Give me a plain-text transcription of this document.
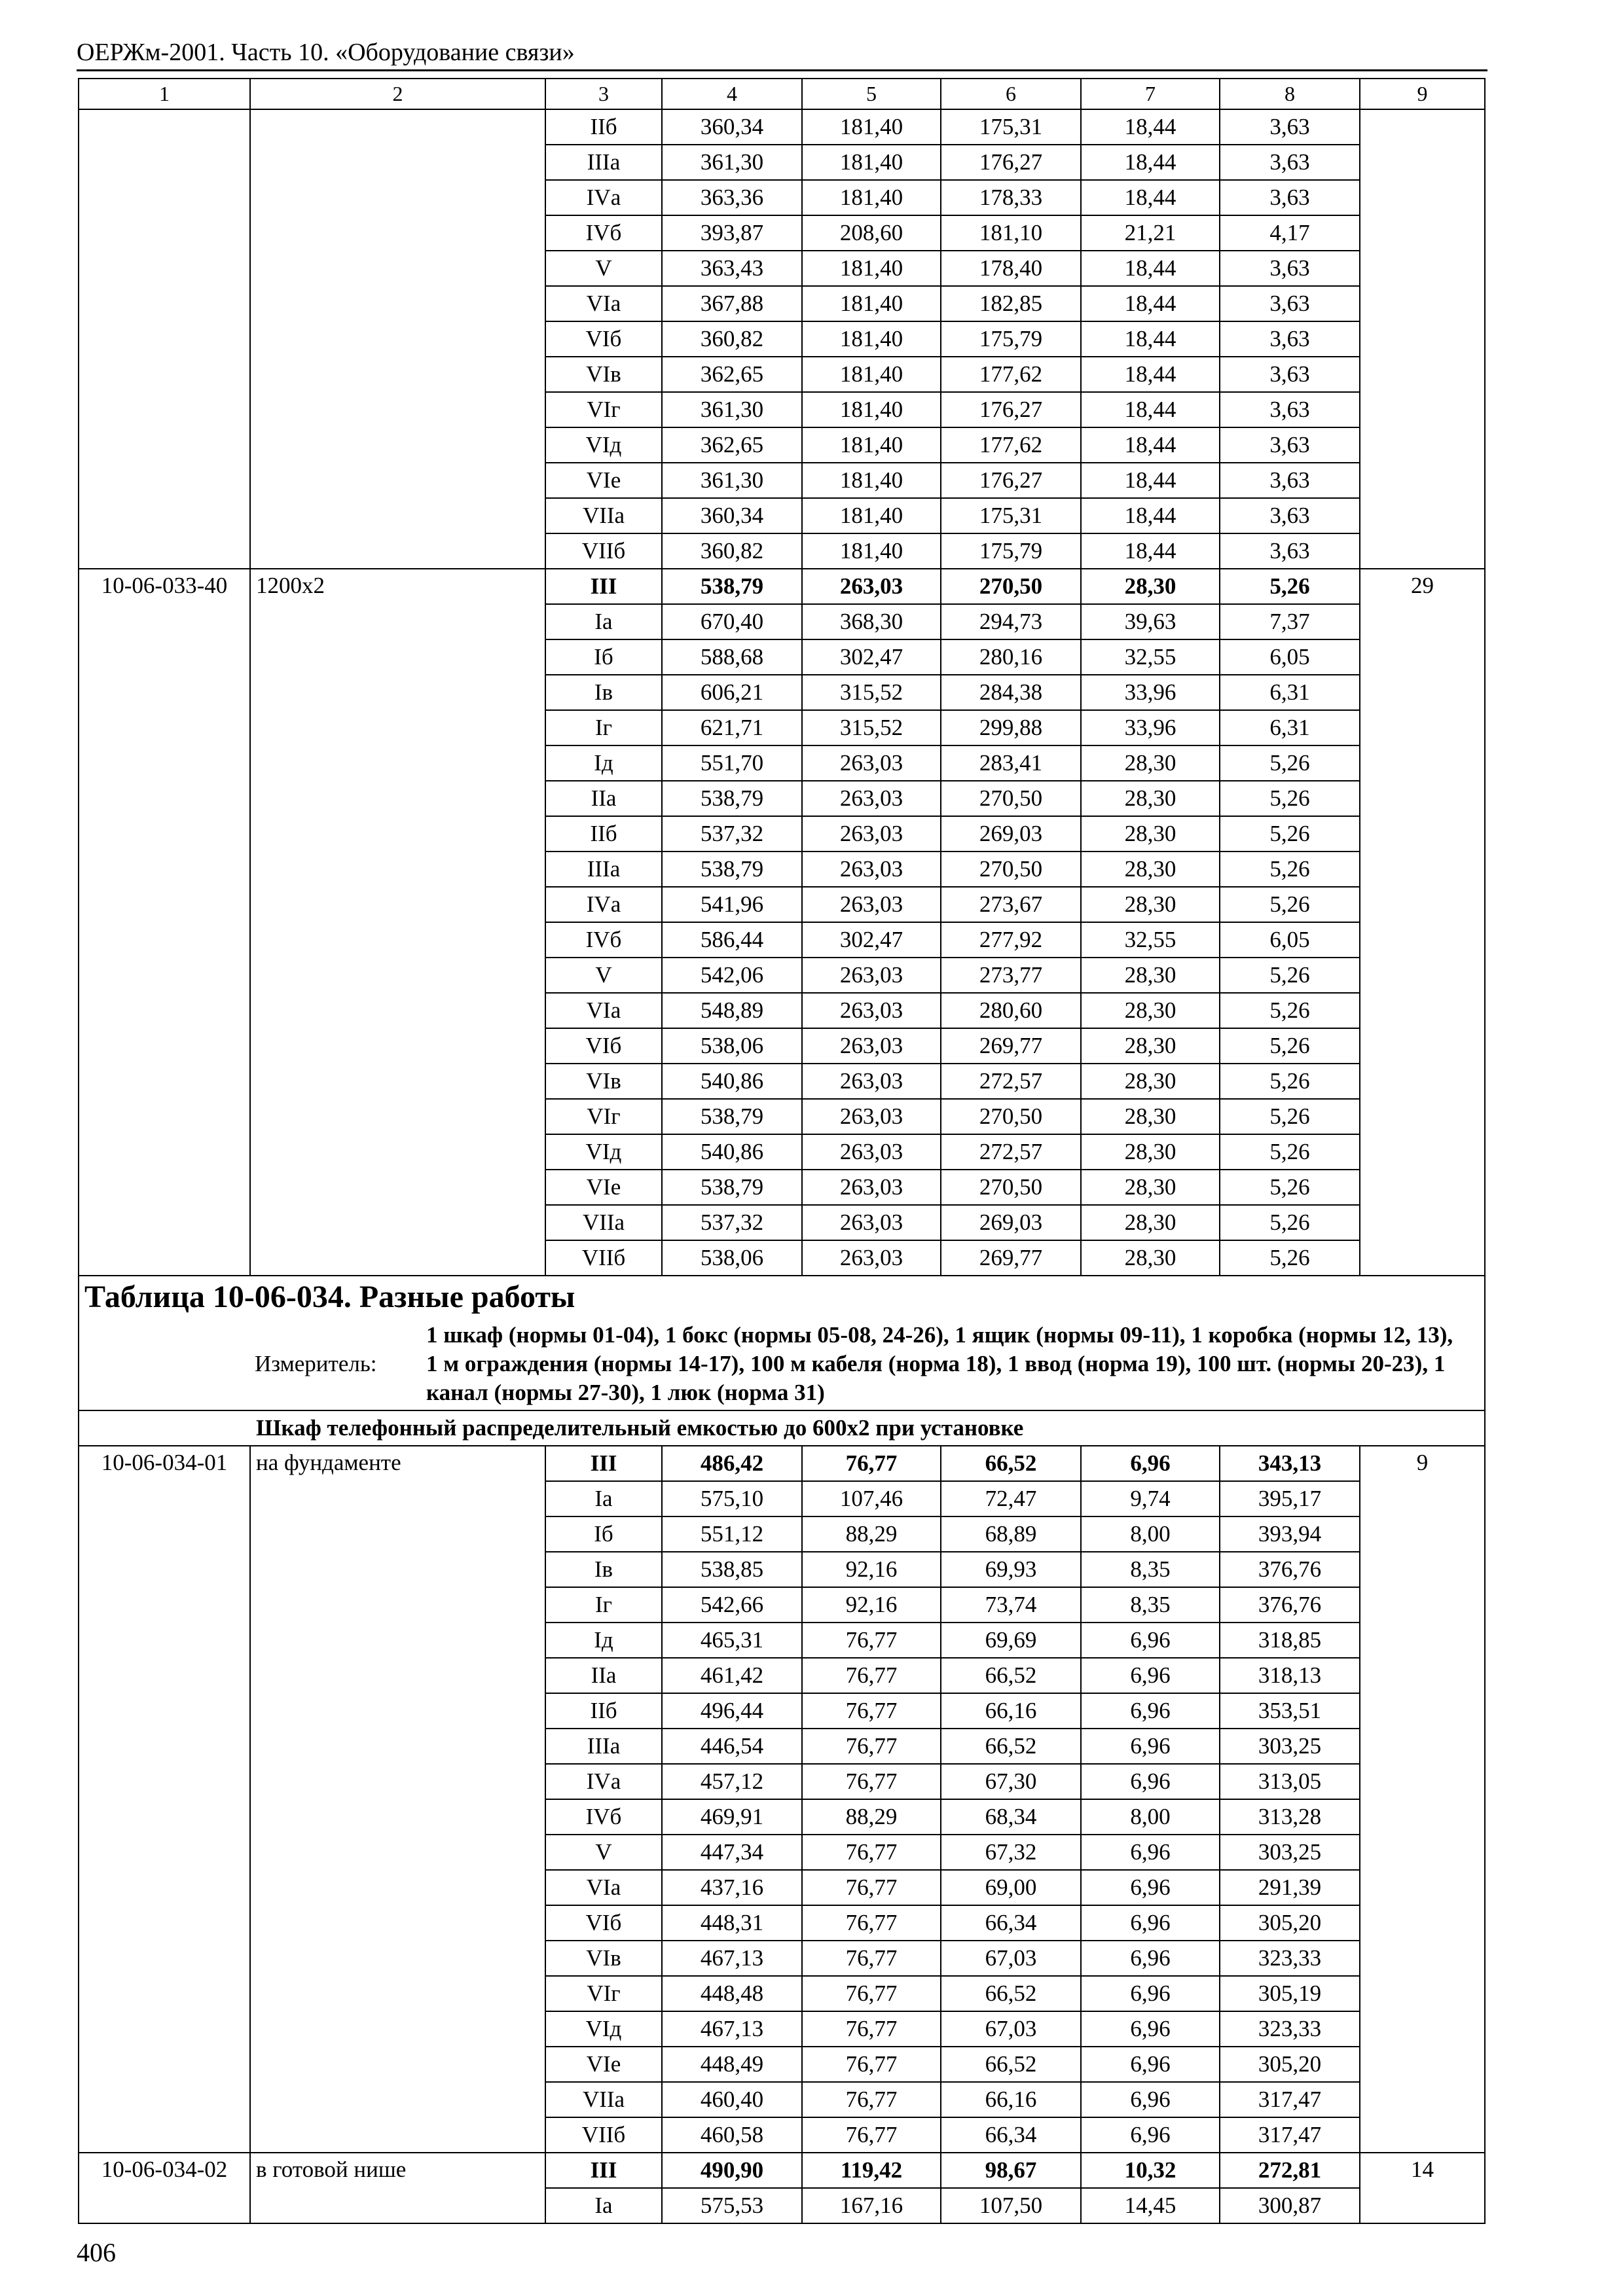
ОЕРЖм-2001. Часть 10. «Оборудование связи»
1	2	3	4	5	6	7	8	9
		IIб	360,34	181,40	175,31	18,44	3,63	
		IIIа	361,30	181,40	176,27	18,44	3,63	
		IVа	363,36	181,40	178,33	18,44	3,63	
		IVб	393,87	208,60	181,10	21,21	4,17	
		V	363,43	181,40	178,40	18,44	3,63	
		VIа	367,88	181,40	182,85	18,44	3,63	
		VIб	360,82	181,40	175,79	18,44	3,63	
		VIв	362,65	181,40	177,62	18,44	3,63	
		VIг	361,30	181,40	176,27	18,44	3,63	
		VIд	362,65	181,40	177,62	18,44	3,63	
		VIе	361,30	181,40	176,27	18,44	3,63	
		VIIа	360,34	181,40	175,31	18,44	3,63	
		VIIб	360,82	181,40	175,79	18,44	3,63	
10-06-033-40	1200x2	III	538,79	263,03	270,50	28,30	5,26	29
		Iа	670,40	368,30	294,73	39,63	7,37	
		Iб	588,68	302,47	280,16	32,55	6,05	
		Iв	606,21	315,52	284,38	33,96	6,31	
		Iг	621,71	315,52	299,88	33,96	6,31	
		Iд	551,70	263,03	283,41	28,30	5,26	
		IIа	538,79	263,03	270,50	28,30	5,26	
		IIб	537,32	263,03	269,03	28,30	5,26	
		IIIа	538,79	263,03	270,50	28,30	5,26	
		IVа	541,96	263,03	273,67	28,30	5,26	
		IVб	586,44	302,47	277,92	32,55	6,05	
		V	542,06	263,03	273,77	28,30	5,26	
		VIа	548,89	263,03	280,60	28,30	5,26	
		VIб	538,06	263,03	269,77	28,30	5,26	
		VIв	540,86	263,03	272,57	28,30	5,26	
		VIг	538,79	263,03	270,50	28,30	5,26	
		VIд	540,86	263,03	272,57	28,30	5,26	
		VIе	538,79	263,03	270,50	28,30	5,26	
		VIIа	537,32	263,03	269,03	28,30	5,26	
		VIIб	538,06	263,03	269,77	28,30	5,26	

Таблица 10-06-034. Разные работы
Измеритель:
1 шкаф (нормы 01-04), 1 бокс (нормы 05-08, 24-26), 1 ящик (нормы 09-11), 1 коробка (нормы 12, 13), 1 м ограждения (нормы 14-17), 100 м кабеля (норма 18), 1 ввод (норма 19), 100 шт. (нормы 20-23), 1 канал (нормы 27-30), 1 люк (норма 31)								

Шкаф телефонный распределительный емкостью до 600х2 при установке								
10-06-034-01	на фундаменте	III	486,42	76,77	66,52	6,96	343,13	9
		Iа	575,10	107,46	72,47	9,74	395,17	
		Iб	551,12	88,29	68,89	8,00	393,94	
		Iв	538,85	92,16	69,93	8,35	376,76	
		Iг	542,66	92,16	73,74	8,35	376,76	
		Iд	465,31	76,77	69,69	6,96	318,85	
		IIа	461,42	76,77	66,52	6,96	318,13	
		IIб	496,44	76,77	66,16	6,96	353,51	
		IIIа	446,54	76,77	66,52	6,96	303,25	
		IVа	457,12	76,77	67,30	6,96	313,05	
		IVб	469,91	88,29	68,34	8,00	313,28	
		V	447,34	76,77	67,32	6,96	303,25	
		VIа	437,16	76,77	69,00	6,96	291,39	
		VIб	448,31	76,77	66,34	6,96	305,20	
		VIв	467,13	76,77	67,03	6,96	323,33	
		VIг	448,48	76,77	66,52	6,96	305,19	
		VIд	467,13	76,77	67,03	6,96	323,33	
		VIе	448,49	76,77	66,52	6,96	305,20	
		VIIа	460,40	76,77	66,16	6,96	317,47	
		VIIб	460,58	76,77	66,34	6,96	317,47	
10-06-034-02	в готовой нише	III	490,90	119,42	98,67	10,32	272,81	14
		Iа	575,53	167,16	107,50	14,45	300,87	
406
